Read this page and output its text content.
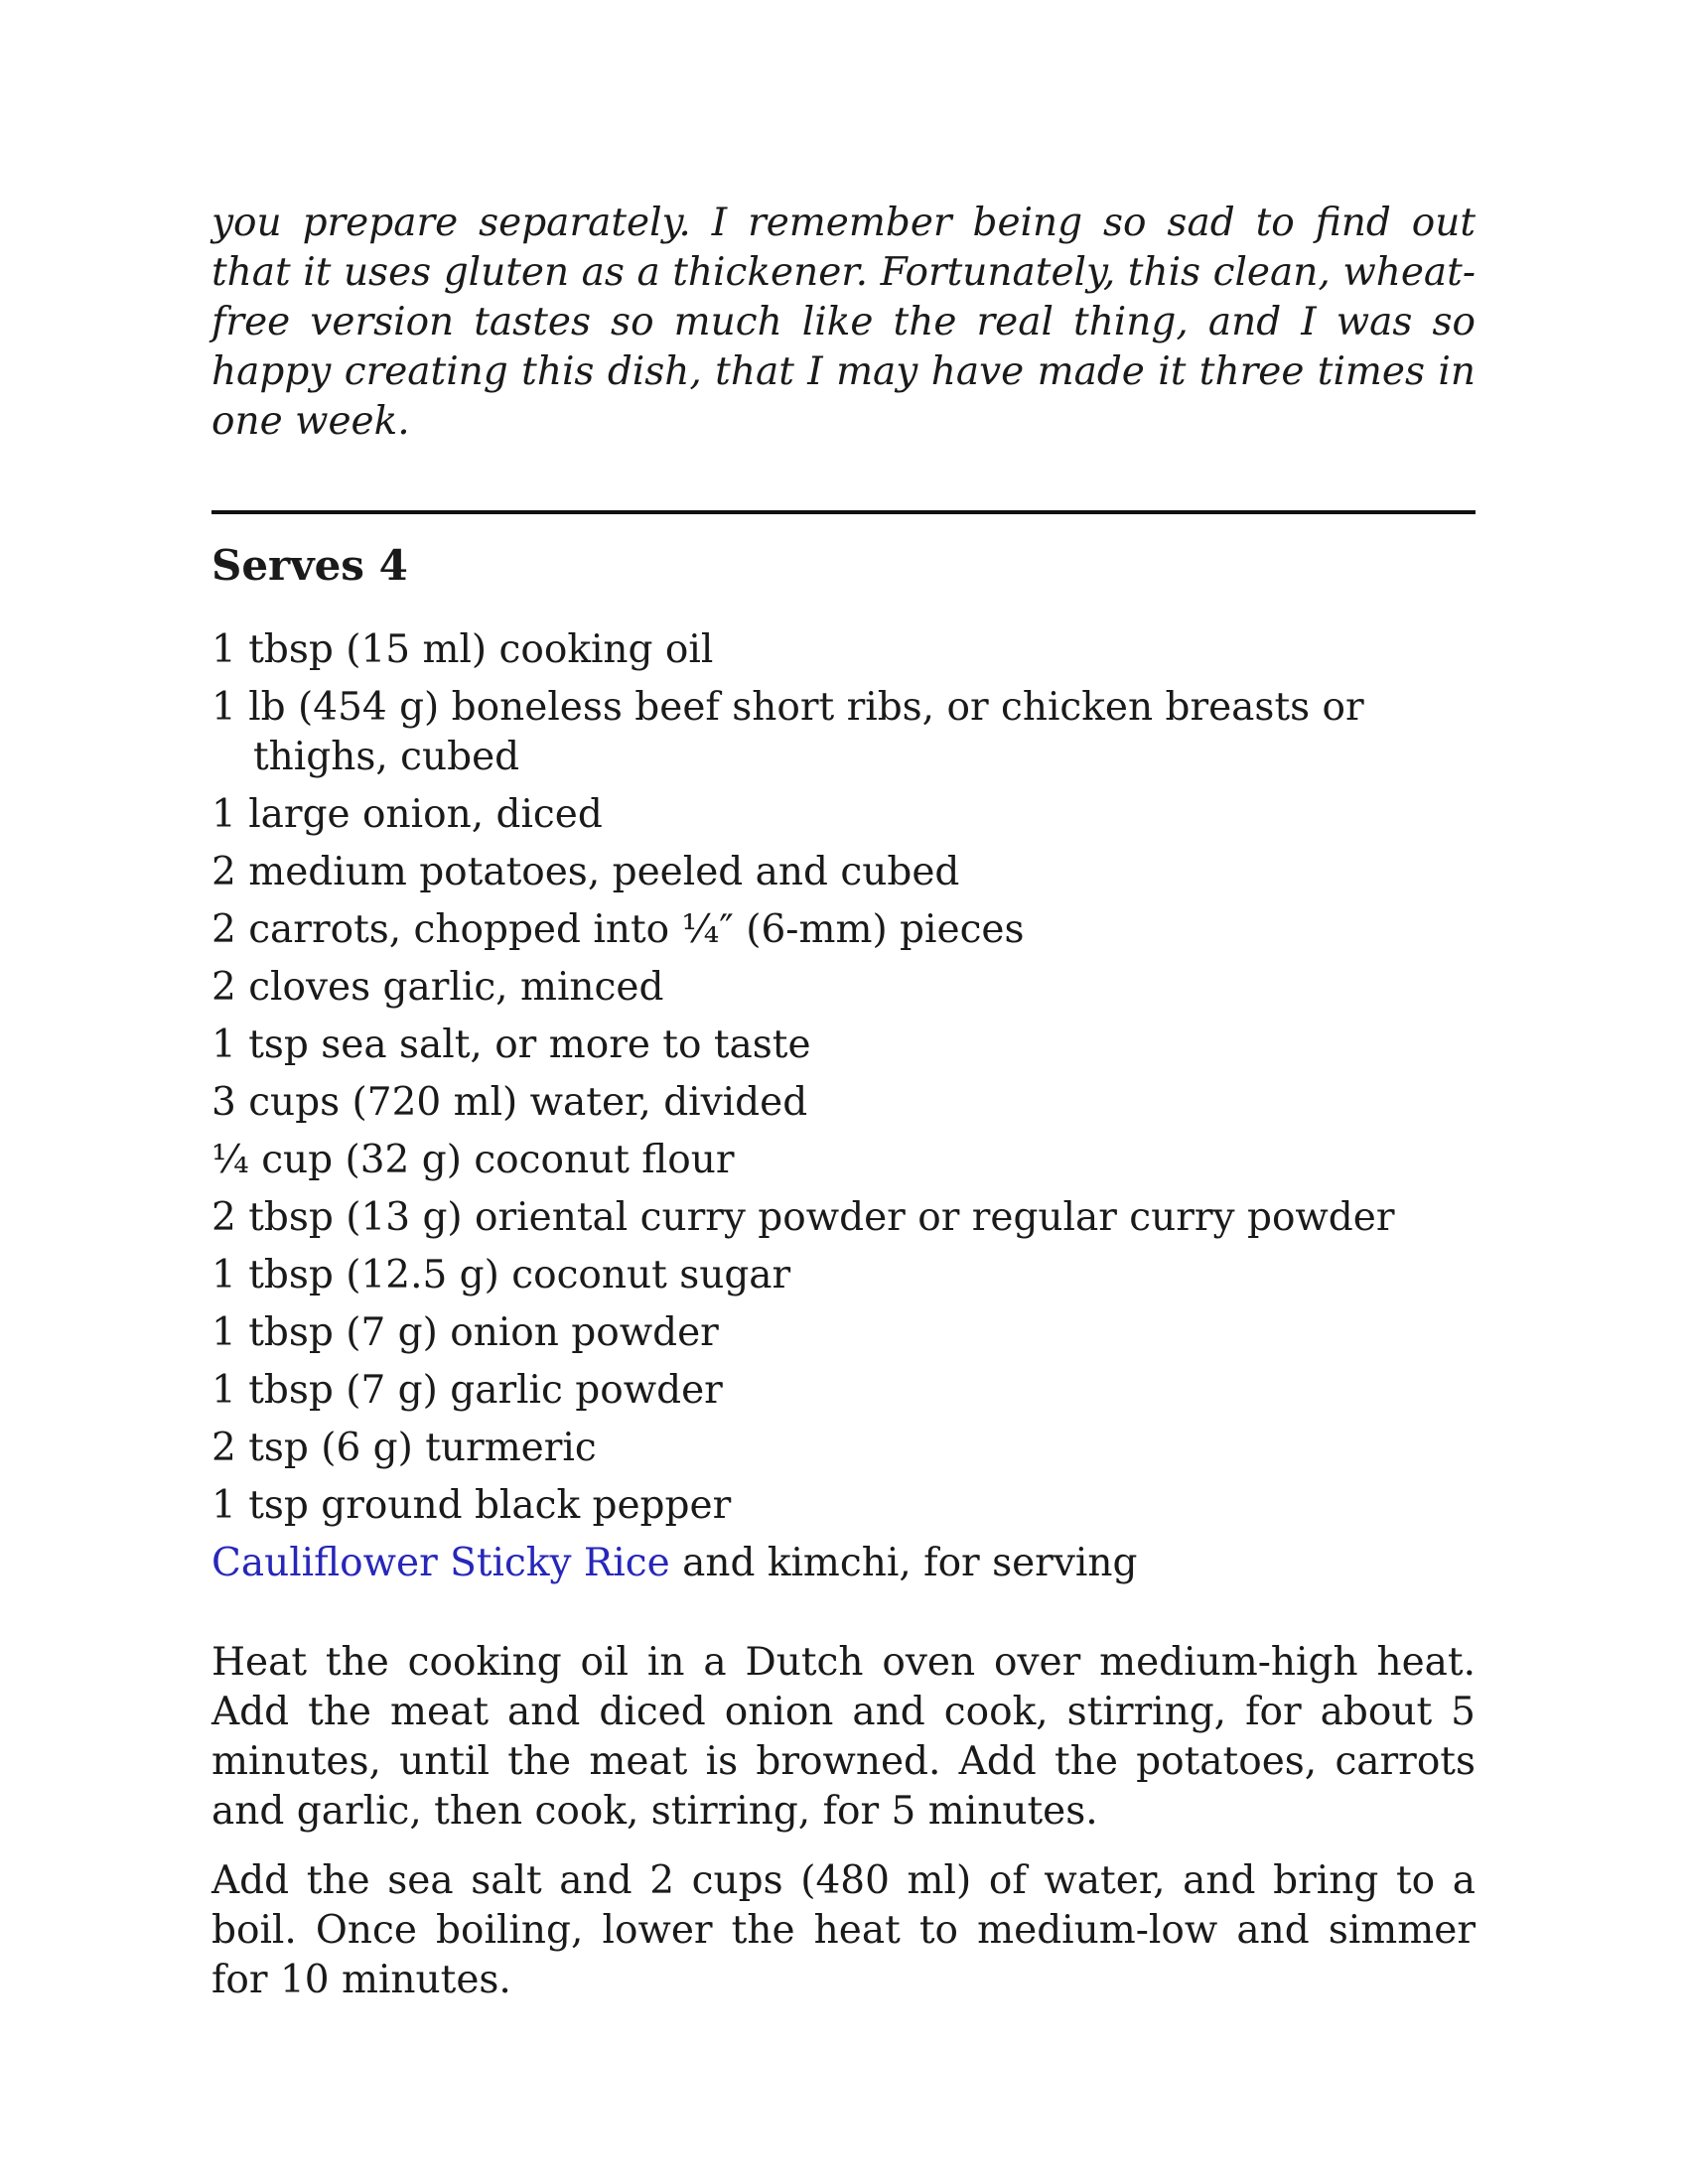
you prepare separately. I remember being so sad to find out that it uses gluten as a thickener. Fortunately, this clean, wheat-free version tastes so much like the real thing, and I was so happy creating this dish, that I may have made it three times in one week.

Serves 4
1 tbsp (15 ml) cooking oil
1 lb (454 g) boneless beef short ribs, or chicken breasts or thighs, cubed
1 large onion, diced
2 medium potatoes, peeled and cubed
2 carrots, chopped into ¼″ (6-mm) pieces
2 cloves garlic, minced
1 tsp sea salt, or more to taste
3 cups (720 ml) water, divided
¼ cup (32 g) coconut flour
2 tbsp (13 g) oriental curry powder or regular curry powder
1 tbsp (12.5 g) coconut sugar
1 tbsp (7 g) onion powder
1 tbsp (7 g) garlic powder
2 tsp (6 g) turmeric
1 tsp ground black pepper
Cauliflower Sticky Rice and kimchi, for serving

Heat the cooking oil in a Dutch oven over medium-high heat. Add the meat and diced onion and cook, stirring, for about 5 minutes, until the meat is browned. Add the potatoes, carrots and garlic, then cook, stirring, for 5 minutes.

Add the sea salt and 2 cups (480 ml) of water, and bring to a boil. Once boiling, lower the heat to medium-low and simmer for 10 minutes.
